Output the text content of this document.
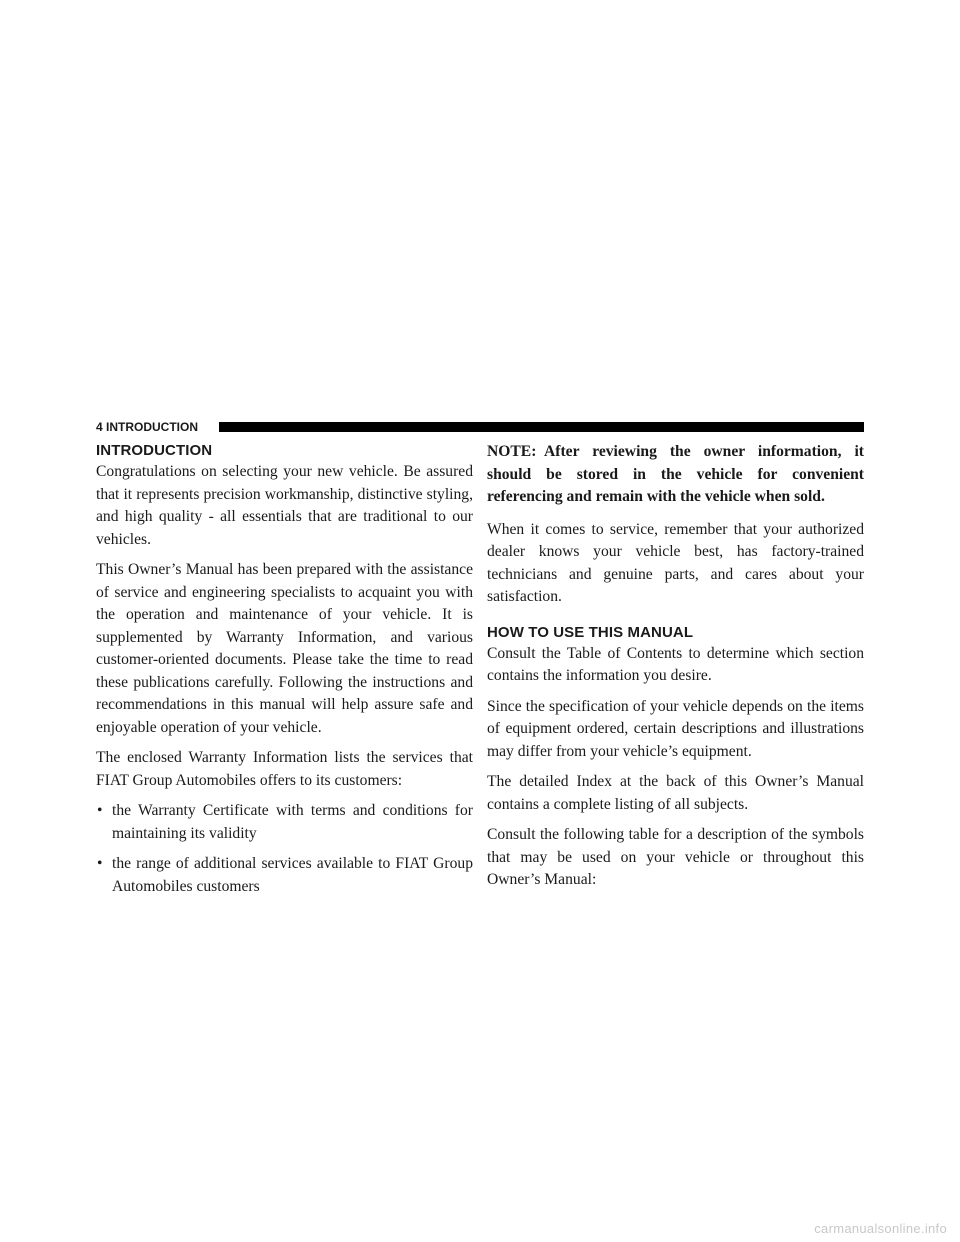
4 INTRODUCTION
INTRODUCTION

Congratulations on selecting your new vehicle. Be assured that it represents precision workmanship, distinctive styling, and high quality - all essentials that are traditional to our vehicles.

This Owner’s Manual has been prepared with the assistance of service and engineering specialists to acquaint you with the operation and maintenance of your vehicle. It is supplemented by Warranty Information, and various customer-oriented documents. Please take the time to read these publications carefully. Following the instructions and recommendations in this manual will help assure safe and enjoyable operation of your vehicle.

The enclosed Warranty Information lists the services that FIAT Group Automobiles offers to its customers:

• the Warranty Certificate with terms and conditions for maintaining its validity
• the range of additional services available to FIAT Group Automobiles customers

NOTE: After reviewing the owner information, it should be stored in the vehicle for convenient referencing and remain with the vehicle when sold.

When it comes to service, remember that your authorized dealer knows your vehicle best, has factory-trained technicians and genuine parts, and cares about your satisfaction.

HOW TO USE THIS MANUAL

Consult the Table of Contents to determine which section contains the information you desire.

Since the specification of your vehicle depends on the items of equipment ordered, certain descriptions and illustrations may differ from your vehicle’s equipment.

The detailed Index at the back of this Owner’s Manual contains a complete listing of all subjects.

Consult the following table for a description of the symbols that may be used on your vehicle or throughout this Owner’s Manual:

carmanualsonline.info
